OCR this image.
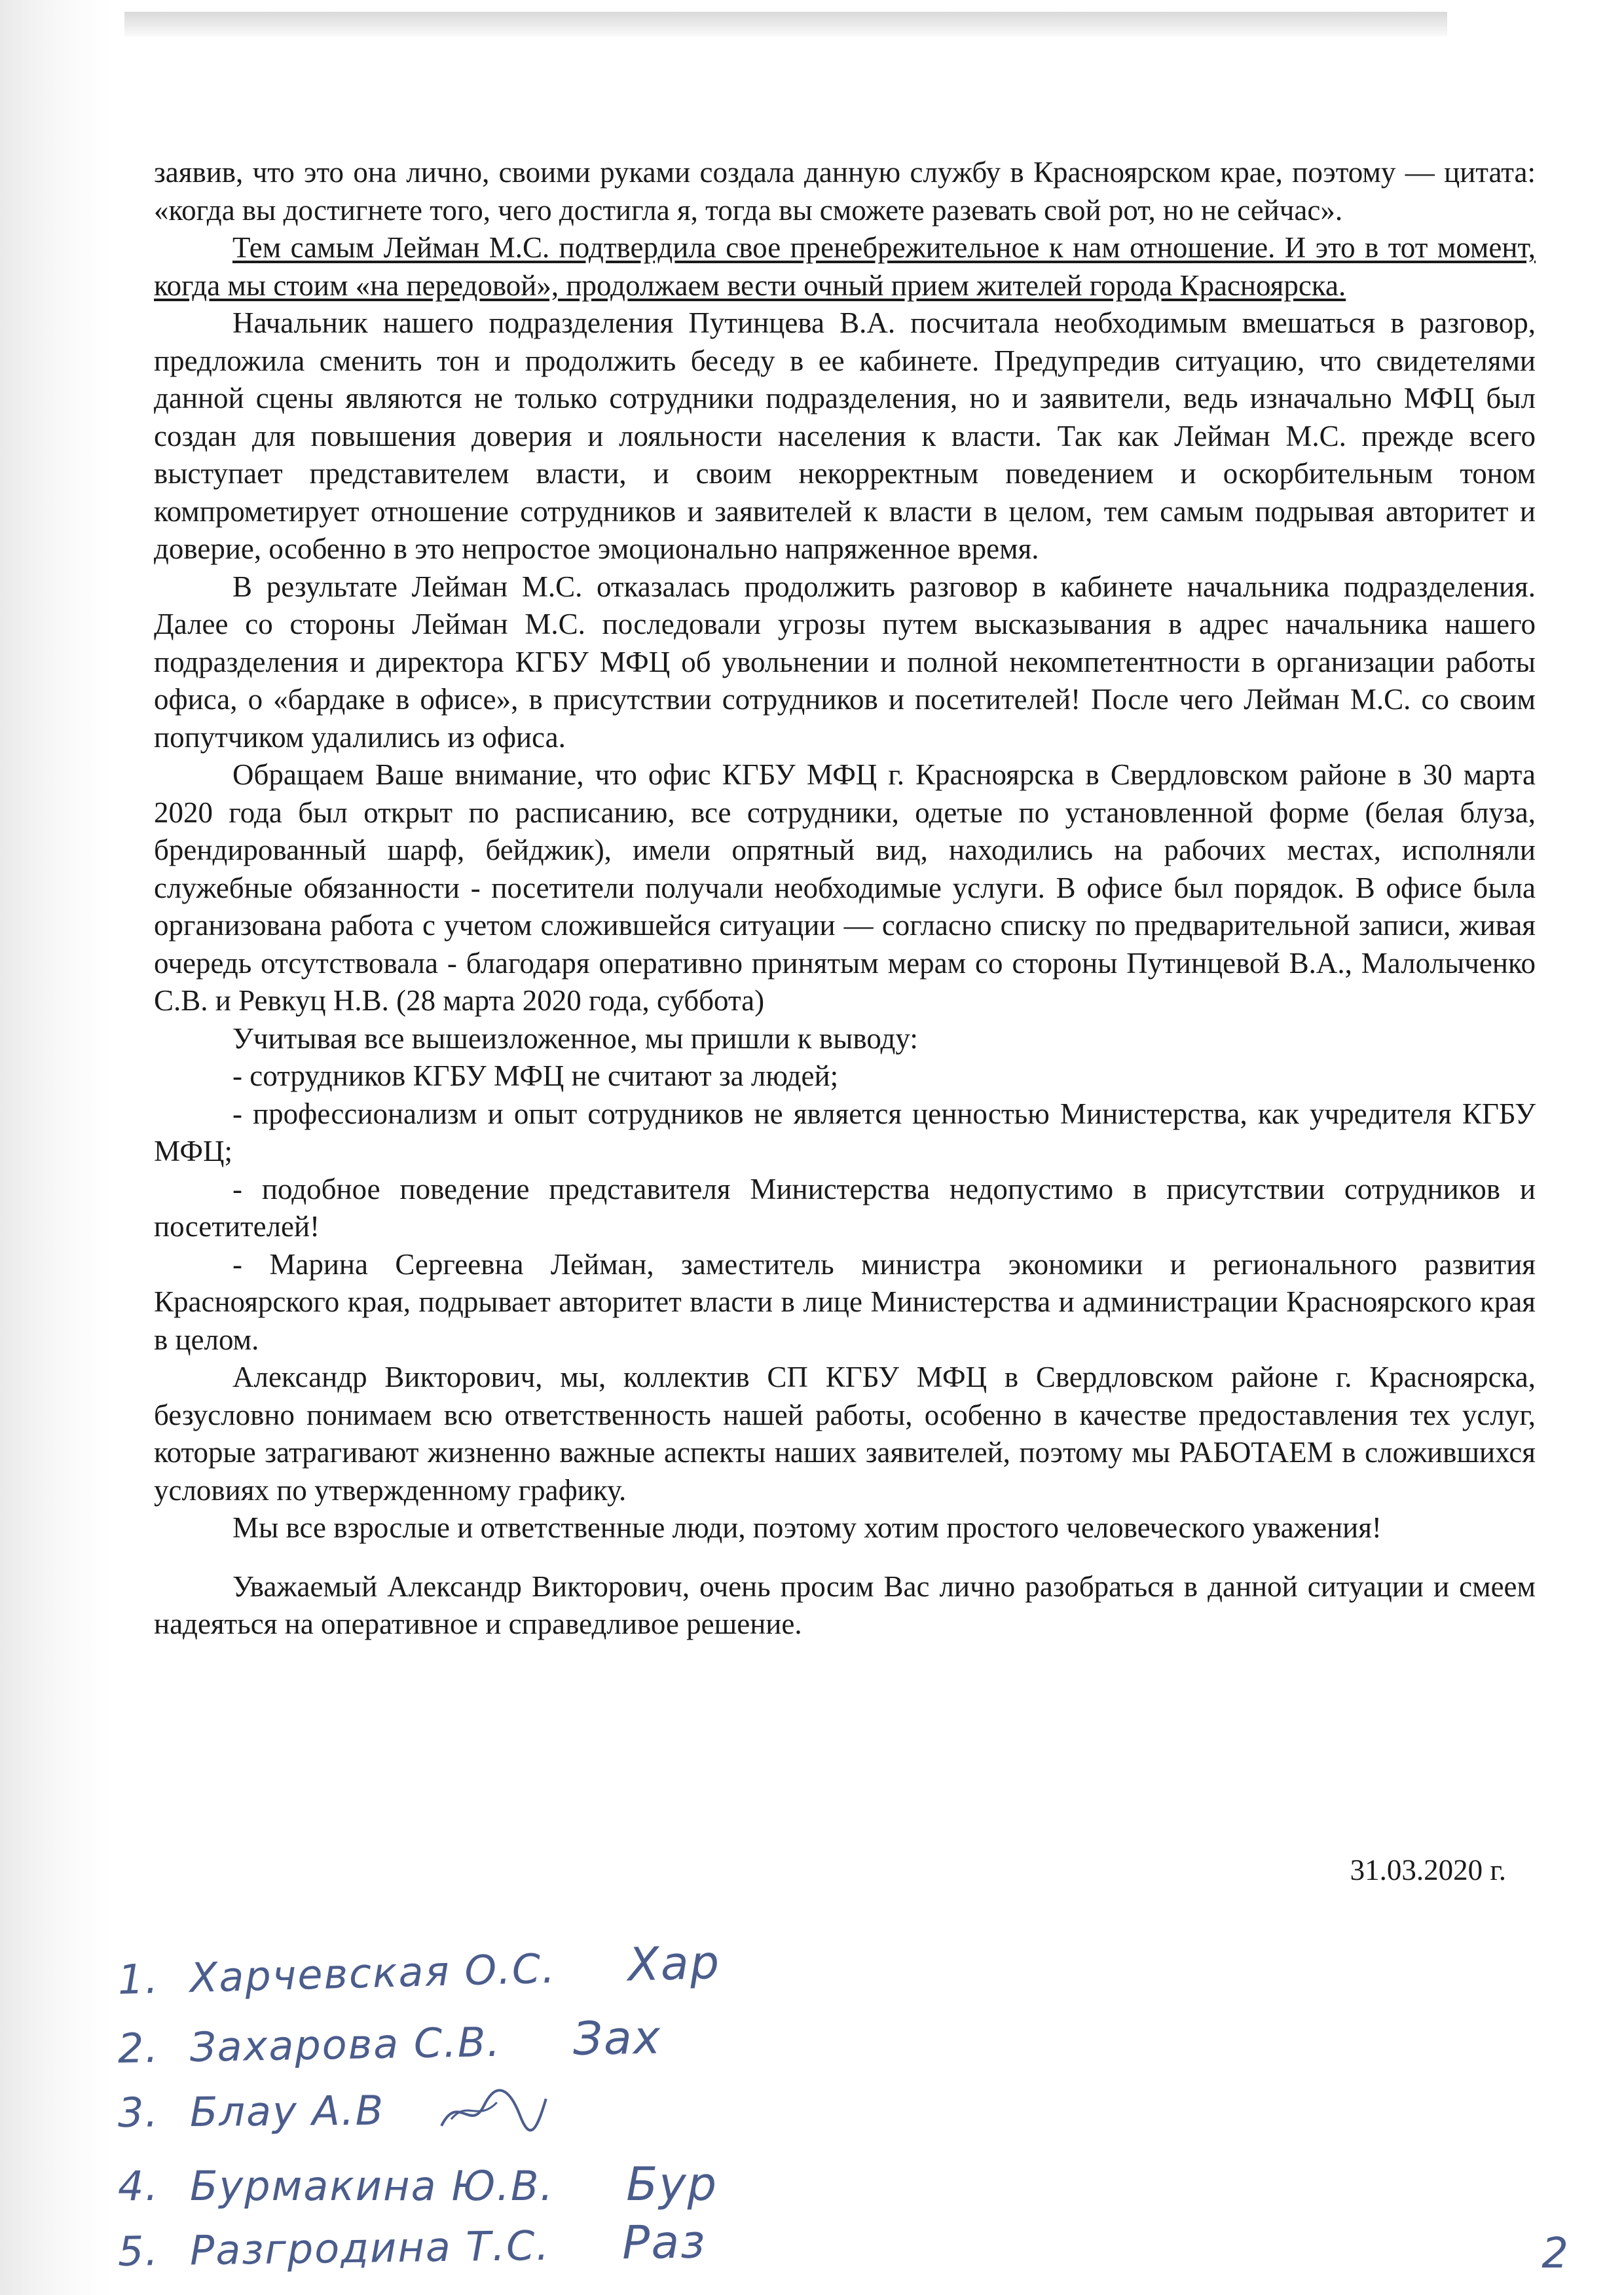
заявив, что это она лично, своими руками создала данную службу в Красноярском крае, поэтому — цитата: «когда вы достигнете того, чего достигла я, тогда вы сможете разевать свой рот, но не сейчас».

Тем самым Лейман М.С. подтвердила свое пренебрежительное к нам отношение. И это в тот момент, когда мы стоим «на передовой», продолжаем вести очный прием жителей города Красноярска.

Начальник нашего подразделения Путинцева В.А. посчитала необходимым вмешаться в разговор, предложила сменить тон и продолжить беседу в ее кабинете. Предупредив ситуацию, что свидетелями данной сцены являются не только сотрудники подразделения, но и заявители, ведь изначально МФЦ был создан для повышения доверия и лояльности населения к власти. Так как Лейман М.С. прежде всего выступает представителем власти, и своим некорректным поведением и оскорбительным тоном компрометирует отношение сотрудников и заявителей к власти в целом, тем самым подрывая авторитет и доверие, особенно в это непростое эмоционально напряженное время.

В результате Лейман М.С. отказалась продолжить разговор в кабинете начальника подразделения. Далее со стороны Лейман М.С. последовали угрозы путем высказывания в адрес начальника нашего подразделения и директора КГБУ МФЦ об увольнении и полной некомпетентности в организации работы офиса, о «бардаке в офисе», в присутствии сотрудников и посетителей! После чего Лейман М.С. со своим попутчиком удалились из офиса.

Обращаем Ваше внимание, что офис КГБУ МФЦ г. Красноярска в Свердловском районе в 30 марта 2020 года был открыт по расписанию, все сотрудники, одетые по установленной форме (белая блуза, брендированный шарф, бейджик), имели опрятный вид, находились на рабочих местах, исполняли служебные обязанности - посетители получали необходимые услуги. В офисе был порядок. В офисе была организована работа с учетом сложившейся ситуации — согласно списку по предварительной записи, живая очередь отсутствовала - благодаря оперативно принятым мерам со стороны Путинцевой В.А., Малолыченко С.В. и Ревкуц Н.В. (28 марта 2020 года, суббота)

Учитывая все вышеизложенное, мы пришли к выводу:

- сотрудников КГБУ МФЦ не считают за людей;

- профессионализм и опыт сотрудников не является ценностью Министерства, как учредителя КГБУ МФЦ;

- подобное поведение представителя Министерства недопустимо в присутствии сотрудников и посетителей!

- Марина Сергеевна Лейман, заместитель министра экономики и регионального развития Красноярского края, подрывает авторитет власти в лице Министерства и администрации Красноярского края в целом.

Александр Викторович, мы, коллектив СП КГБУ МФЦ в Свердловском районе г. Красноярска, безусловно понимаем всю ответственность нашей работы, особенно в качестве предоставления тех услуг, которые затрагивают жизненно важные аспекты наших заявителей, поэтому мы РАБОТАЕМ в сложившихся условиях по утвержденному графику.

Мы все взрослые и ответственные люди, поэтому хотим простого человеческого уважения!

Уважаемый Александр Викторович, очень просим Вас лично разобраться в данной ситуации и смеем надеяться на оперативное и справедливое решение.

31.03.2020 г.
1. Харчевская О.С. Хар
2. Захарова С.В. Зах
3. Блау А.В
4. Бурмакина Ю.В. Бур
5. Разгродина Т.С. Раз	2
